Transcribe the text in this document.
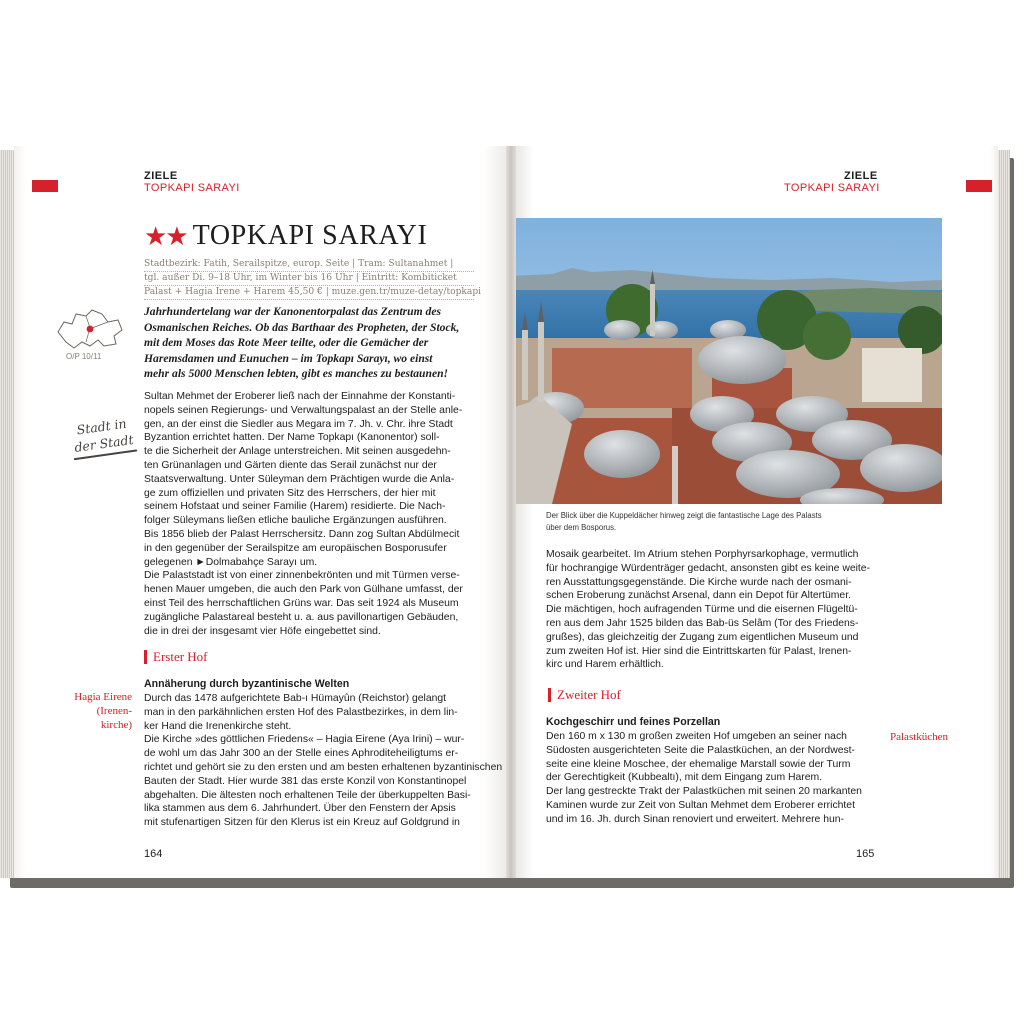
ZIELE
TOPKAPI SARAYI
★★ TOPKAPI SARAYI
Stadtbezirk: Fatih, Serailspitze, europ. Seite | Tram: Sultanahmet |
tgl. außer Di. 9–18 Uhr, im Winter bis 16 Uhr | Eintritt: Kombiticket
Palast + Hagia Irene + Harem 45,50 € | muze.gen.tr/muze-detay/topkapi
O/P 10/11
Stadt in
der Stadt
Jahrhundertelang war der Kanonentorpalast das Zentrum des
Osmanischen Reiches. Ob das Barthaar des Propheten, der Stock,
mit dem Moses das Rote Meer teilte, oder die Gemächer der
Haremsdamen und Eunuchen – im Topkapı Sarayı, wo einst
mehr als 5000 Menschen lebten, gibt es manches zu bestaunen!
Sultan Mehmet der Eroberer ließ nach der Einnahme der Konstanti-
nopels seinen Regierungs- und Verwaltungspalast an der Stelle anle-
gen, an der einst die Siedler aus Megara im 7. Jh. v. Chr. ihre Stadt
Byzantion errichtet hatten. Der Name Topkapı (Kanonentor) soll-
te die Sicherheit der Anlage unterstreichen. Mit seinen ausgedehn-
ten Grünanlagen und Gärten diente das Serail zunächst nur der
Staatsverwaltung. Unter Süleyman dem Prächtigen wurde die Anla-
ge zum offiziellen und privaten Sitz des Herrschers, der hier mit
seinem Hofstaat und seiner Familie (Harem) residierte. Die Nach-
folger Süleymans ließen etliche bauliche Ergänzungen ausführen.
Bis 1856 blieb der Palast Herrschersitz. Dann zog Sultan Abdülmecit
in den gegenüber der Serailspitze am europäischen Bosporusufer
gelegenen ►Dolmabahçe Sarayı um.
Die Palaststadt ist von einer zinnenbekrönten und mit Türmen verse-
henen Mauer umgeben, die auch den Park von Gülhane umfasst, der
einst Teil des herrschaftlichen Grüns war. Das seit 1924 als Museum
zugängliche Palastareal besteht u. a. aus pavillonartigen Gebäuden,
die in drei der insgesamt vier Höfe eingebettet sind.
Erster Hof
Hagia Eirene
(Irenen-
kirche)
Annäherung durch byzantinische Welten
Durch das 1478 aufgerichtete Bab-ı Hümayûn (Reichstor) gelangt
man in den parkähnlichen ersten Hof des Palastbezirkes, in dem lin-
ker Hand die Irenenkirche steht.
Die Kirche »des göttlichen Friedens« – Hagia Eirene (Aya Irini) – wur-
de wohl um das Jahr 300 an der Stelle eines Aphroditeheiligtums er-
richtet und gehört sie zu den ersten und am besten erhaltenen byzantinischen
Bauten der Stadt. Hier wurde 381 das erste Konzil von Konstantinopel
abgehalten. Die ältesten noch erhaltenen Teile der überkuppelten Basi-
lika stammen aus dem 6. Jahrhundert. Über den Fenstern der Apsis
mit stufenartigen Sitzen für den Klerus ist ein Kreuz auf Goldgrund in
164
ZIELE
TOPKAPI SARAYI
Der Blick über die Kuppeldächer hinweg zeigt die fantastische Lage des Palasts
über dem Bosporus.
Mosaik gearbeitet. Im Atrium stehen Porphyrsarkophage, vermutlich
für hochrangige Würdenträger gedacht, ansonsten gibt es keine weite-
ren Ausstattungsgegenstände. Die Kirche wurde nach der osmani-
schen Eroberung zunächst Arsenal, dann ein Depot für Altertümer.
Die mächtigen, hoch aufragenden Türme und die eisernen Flügeltü-
ren aus dem Jahr 1525 bilden das Bab-üs Selâm (Tor des Friedens-
grußes), das gleichzeitig der Zugang zum eigentlichen Museum und
zum zweiten Hof ist. Hier sind die Eintrittskarten für Palast, Irenen-
kirc und Harem erhältlich.
Zweiter Hof
Kochgeschirr und feines Porzellan
Palastküchen
Den 160 m x 130 m großen zweiten Hof umgeben an seiner nach
Südosten ausgerichteten Seite die Palastküchen, an der Nordwest-
seite eine kleine Moschee, der ehemalige Marstall sowie der Turm
der Gerechtigkeit (Kubbealtı), mit dem Eingang zum Harem.
Der lang gestreckte Trakt der Palastküchen mit seinen 20 markanten
Kaminen wurde zur Zeit von Sultan Mehmet dem Eroberer errichtet
und im 16. Jh. durch Sinan renoviert und erweitert. Mehrere hun-
165
